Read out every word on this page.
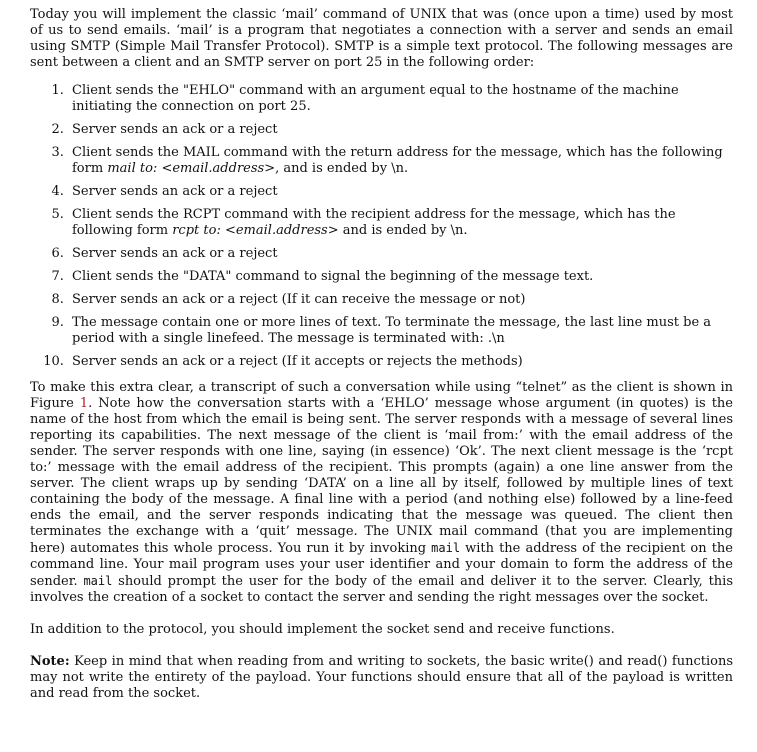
Today you will implement the classic ‘mail’ command of UNIX that was (once upon a time) used by most of us to send emails. ‘mail’ is a program that negotiates a connection with a server and sends an email using SMTP (Simple Mail Transfer Protocol). SMTP is a simple text protocol. The following messages are sent between a client and an SMTP server on port 25 in the following order:

1. Client sends the "EHLO" command with an argument equal to the hostname of the machine initiating the connection on port 25.
2. Server sends an ack or a reject
3. Client sends the MAIL command with the return address for the message, which has the following form mail to: <email.address>, and is ended by \n.
4. Server sends an ack or a reject
5. Client sends the RCPT command with the recipient address for the message, which has the following form rcpt to: <email.address> and is ended by \n.
6. Server sends an ack or a reject
7. Client sends the "DATA" command to signal the beginning of the message text.
8. Server sends an ack or a reject (If it can receive the message or not)
9. The message contain one or more lines of text. To terminate the message, the last line must be a period with a single linefeed. The message is terminated with: .\n
10. Server sends an ack or a reject (If it accepts or rejects the methods)

To make this extra clear, a transcript of such a conversation while using “telnet” as the client is shown in Figure 1. Note how the conversation starts with a ‘EHLO’ message whose argument (in quotes) is the name of the host from which the email is being sent. The server responds with a message of several lines reporting its capabilities. The next message of the client is ‘mail from:’ with the email address of the sender. The server responds with one line, saying (in essence) ‘Ok’. The next client message is the ‘rcpt to:’ message with the email address of the recipient. This prompts (again) a one line answer from the server. The client wraps up by sending ‘DATA’ on a line all by itself, followed by multiple lines of text containing the body of the message. A final line with a period (and nothing else) followed by a line-feed ends the email, and the server responds indicating that the message was queued. The client then terminates the exchange with a ‘quit’ message. The UNIX mail command (that you are implementing here) automates this whole process. You run it by invoking mail with the address of the recipient on the command line. Your mail program uses your user identifier and your domain to form the address of the sender. mail should prompt the user for the body of the email and deliver it to the server. Clearly, this involves the creation of a socket to contact the server and sending the right messages over the socket.

In addition to the protocol, you should implement the socket send and receive functions.

Note: Keep in mind that when reading from and writing to sockets, the basic write() and read() functions may not write the entirety of the payload. Your functions should ensure that all of the payload is written and read from the socket.
